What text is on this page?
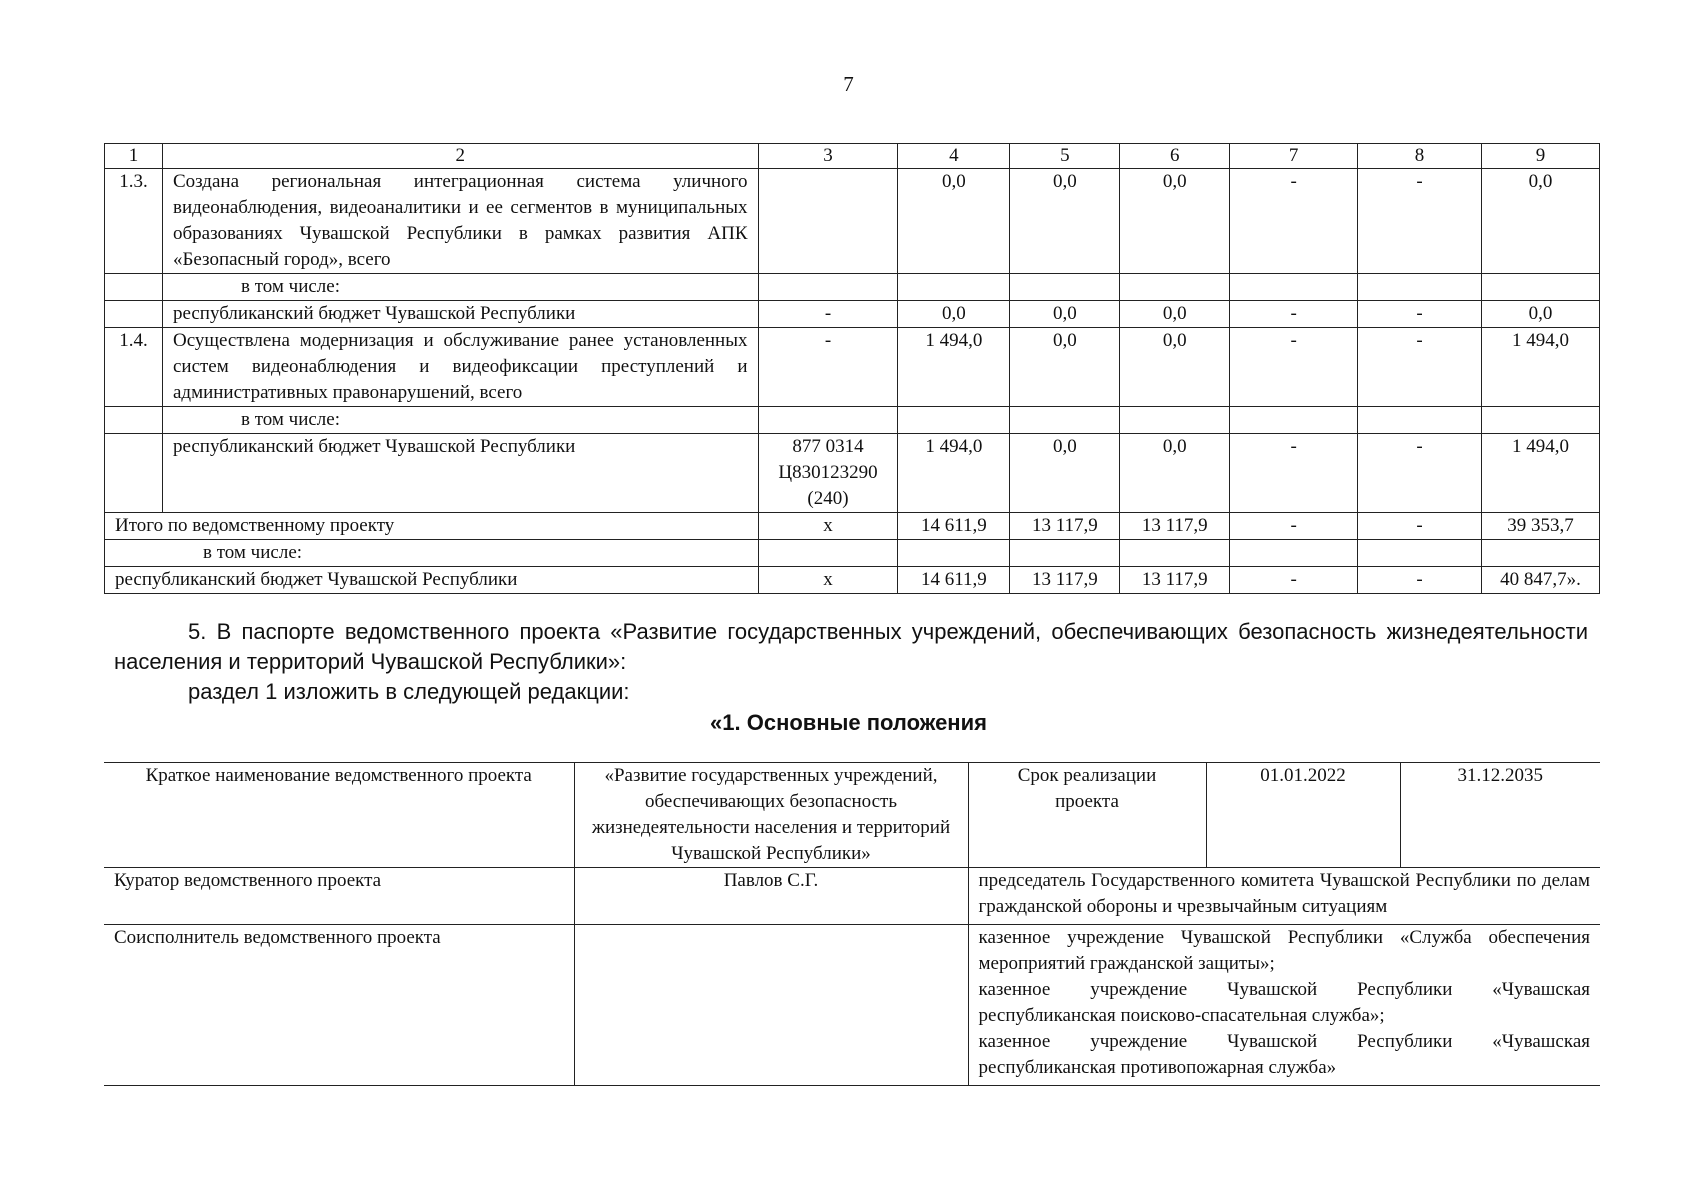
7
1	2	3	4	5	6	7	8	9
1.3.	Создана региональная интеграционная система уличного видеонаблюдения, видеоаналитики и ее сегментов в муниципальных образованиях Чувашской Республики в рамках развития АПК «Безопасный город», всего		0,0	0,0	0,0	-	-	0,0
	в том числе:							
	республиканский бюджет Чувашской Республики	-	0,0	0,0	0,0	-	-	0,0
1.4.	Осуществлена модернизация и обслуживание ранее установленных систем видеонаблюдения и видеофиксации преступлений и административных правонарушений, всего	-	1 494,0	0,0	0,0	-	-	1 494,0
	в том числе:							
	республиканский бюджет Чувашской Республики	877 0314
Ц830123290
(240)	1 494,0	0,0	0,0	-	-	1 494,0
Итого по ведомственному проекту		x	14 611,9	13 117,9	13 117,9	-	-	39 353,7
в том числе:								
республиканский бюджет Чувашской Республики		x	14 611,9	13 117,9	13 117,9	-	-	40 847,7».
5. В паспорте ведомственного проекта «Развитие государственных учреждений, обеспечивающих безопасность жизнедеятельности населения и территорий Чувашской Республики»:
раздел 1 изложить в следующей редакции:
«1. Основные положения
Краткое наименование ведомственного проекта	«Развитие государственных учреждений, обеспечивающих безопасность жизнедеятельности населения и территорий Чувашской Республики»	Срок реализации проекта	01.01.2022	31.12.2035
Куратор ведомственного проекта	Павлов С.Г.	председатель Государственного комитета Чувашской Республики по делам гражданской обороны и чрезвычайным ситуациям		
Соисполнитель ведомственного проекта		казенное учреждение Чувашской Республики «Служба обеспечения мероприятий гражданской защиты»;
казенное учреждение Чувашской Республики «Чувашская республиканская поисково-спасательная служба»;
казенное учреждение Чувашской Республики «Чувашская республиканская противопожарная служба»		
